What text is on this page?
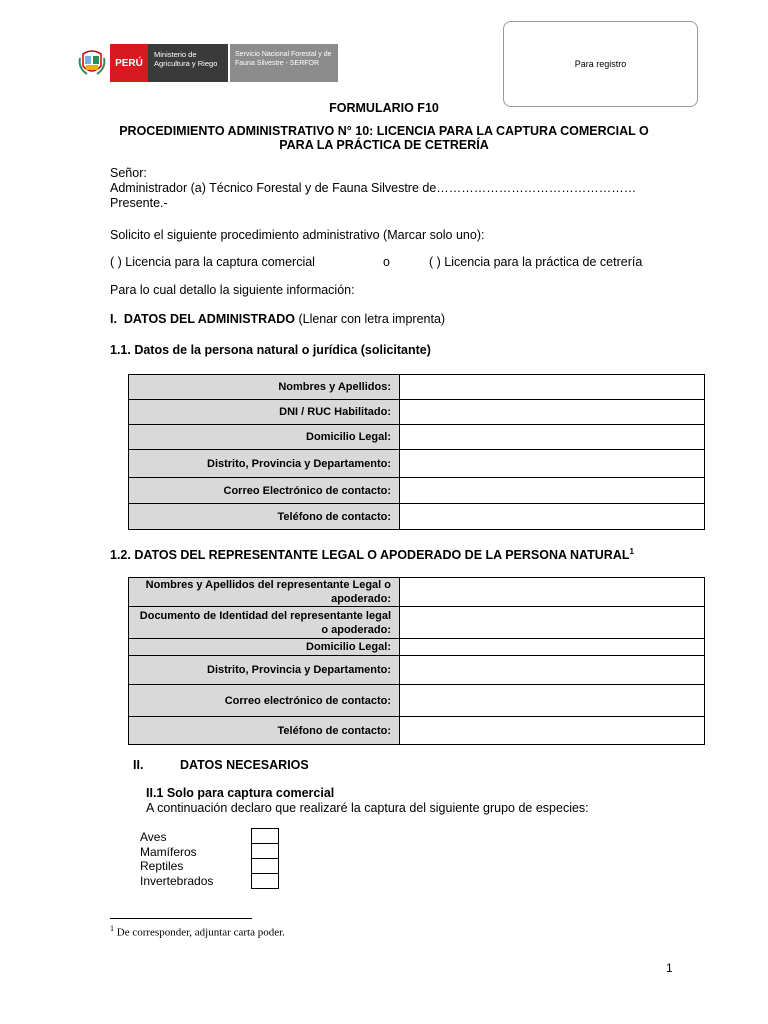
PERÚ
Ministerio de Agricultura y Riego
Servicio Nacional Forestal y de Fauna Silvestre - SERFOR	Para registro
FORMULARIO F10
PROCEDIMIENTO ADMINISTRATIVO N° 10: LICENCIA PARA LA CAPTURA COMERCIAL O
PARA LA PRÁCTICA DE CETRERÍA
Señor:
Administrador (a) Técnico Forestal y de Fauna Silvestre de…………………………………………
Presente.-
Solicito el siguiente procedimiento administrativo (Marcar solo uno):
( ) Licencia para la captura comercial	o	( ) Licencia para la práctica de cetrería
Para lo cual detallo la siguiente información:
I. DATOS DEL ADMINISTRADO (Llenar con letra imprenta)
1.1. Datos de la persona natural o jurídica (solicitante)
Nombres y Apellidos:	
DNI / RUC Habilitado:	
Domicilio Legal:	
Distrito, Provincia y Departamento:	
Correo Electrónico de contacto:	
Teléfono de contacto:	
1.2. DATOS DEL REPRESENTANTE LEGAL O APODERADO DE LA PERSONA NATURAL$^1$
Nombres y Apellidos del representante Legal o apoderado:	
Documento de Identidad del representante legal o apoderado:	
Domicilio Legal:	
Distrito, Provincia y Departamento:	
Correo electrónico de contacto:	
Teléfono de contacto:	
II.	DATOS NECESARIOS
II.1 Solo para captura comercial
A continuación declaro que realizaré la captura del siguiente grupo de especies:
Aves
Mamíferos
Reptiles
Invertebrados
$^1$ De corresponder, adjuntar carta poder.
1
